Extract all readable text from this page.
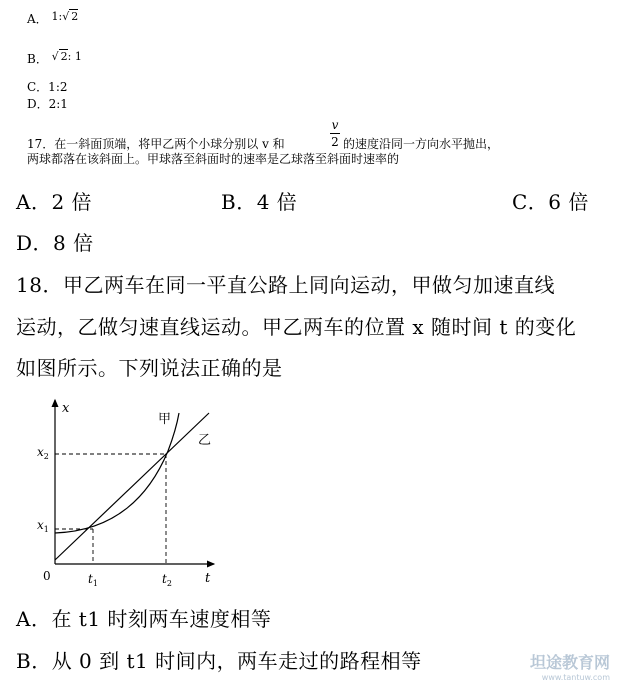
A． 1:√ 2
B． √ 2: 1
C．1:2
D．2:1
17．在一斜面顶端，将甲乙两个小球分别以 v 和
v
2 的速度沿同一方向水平抛出，
两球都落在该斜面上。甲球落至斜面时的速率是乙球落至斜面时速率的
A．2 倍	B．4 倍	C．6 倍
D．8 倍
18．甲乙两车在同一平直公路上同向运动，甲做匀加速直线
运动，乙做匀速直线运动。甲乙两车的位置 x 随时间 t 的变化
如图所示。下列说法正确的是
x
t
0	$t_1$	$t_2$
$x_1$
$x_2$
甲
乙
A．在 t1 时刻两车速度相等
B．从 0 到 t1 时间内，两车走过的路程相等	坦途教育网
www.tantuw.com
